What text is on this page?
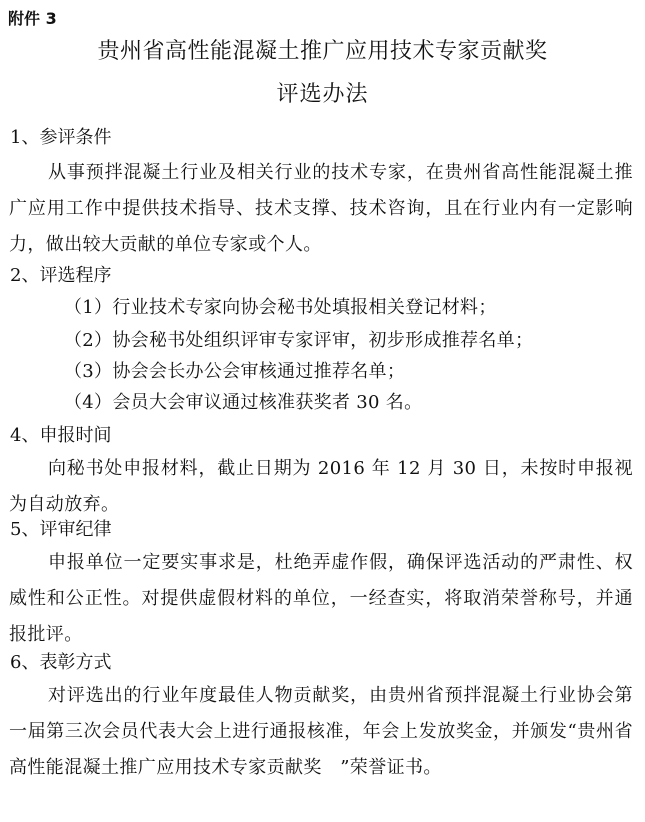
附件 3
贵州省高性能混凝土推广应用技术专家贡献奖
评选办法
1、参评条件
从事预拌混凝土行业及相关行业的技术专家，在贵州省高性能混凝土推广应用工作中提供技术指导、技术支撑、技术咨询，且在行业内有一定影响力，做出较大贡献的单位专家或个人。
2、评选程序
（1）行业技术专家向协会秘书处填报相关登记材料；
（2）协会秘书处组织评审专家评审，初步形成推荐名单；
（3）协会会长办公会审核通过推荐名单；
（4）会员大会审议通过核准获奖者 30 名。
4、申报时间
向秘书处申报材料，截止日期为 2016 年 12 月 30 日，未按时申报视为自动放弃。
5、评审纪律
申报单位一定要实事求是，杜绝弄虚作假，确保评选活动的严肃性、权威性和公正性。对提供虚假材料的单位，一经查实，将取消荣誉称号，并通报批评。
6、表彰方式
对评选出的行业年度最佳人物贡献奖，由贵州省预拌混凝土行业协会第一届第三次会员代表大会上进行通报核准，年会上发放奖金，并颁发“贵州省高性能混凝土推广应用技术专家贡献奖　”荣誉证书。
